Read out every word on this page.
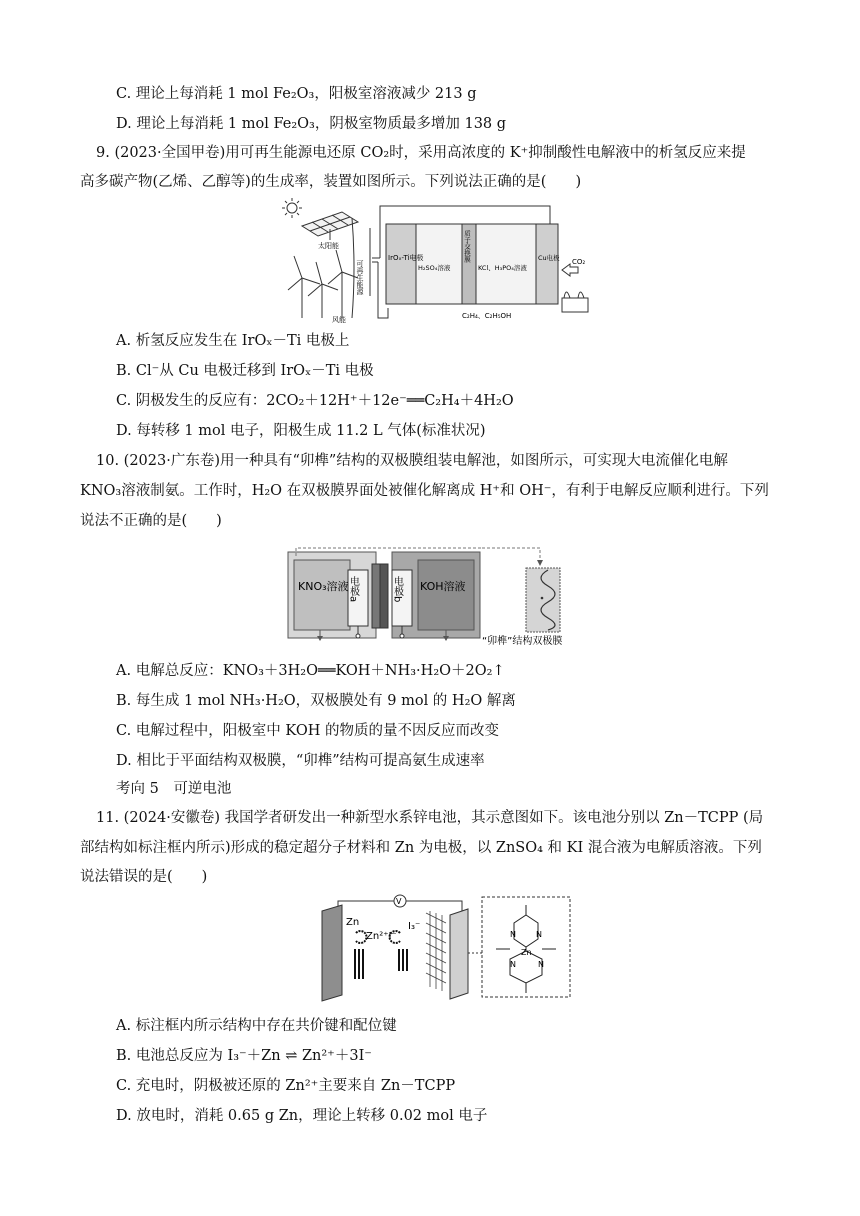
C. 理论上每消耗 1 mol Fe₂O₃，阳极室溶液减少 213 g
D. 理论上每消耗 1 mol Fe₂O₃，阴极室物质最多增加 138 g
9. (2023·全国甲卷)用可再生能源电还原 CO₂时，采用高浓度的 K⁺抑制酸性电解液中的析氢反应来提
高多碳产物(乙烯、乙醇等)的生成率，装置如图所示。下列说法正确的是(　　)
太阳能
风能
可再生能源
IrOₓ-Ti电极
H₂SO₄溶液
质子交换膜
KCl、H₃PO₄溶液
Cu电极 CO₂
C₂H₄、C₂H₅OH
A. 析氢反应发生在 IrOₓ－Ti 电极上
B. Cl⁻从 Cu 电极迁移到 IrOₓ－Ti 电极
C. 阴极发生的反应有：2CO₂＋12H⁺＋12e⁻══C₂H₄＋4H₂O
D. 每转移 1 mol 电子，阳极生成 11.2 L 气体(标准状况)
10. (2023·广东卷)用一种具有“卯榫”结构的双极膜组装电解池，如图所示，可实现大电流催化电解
KNO₃溶液制氨。工作时，H₂O 在双极膜界面处被催化解离成 H⁺和 OH⁻，有利于电解反应顺利进行。下列
说法不正确的是(　　)
KNO₃溶液
电极a	电极b KOH溶液
“卯榫”结构双极膜
A. 电解总反应：KNO₃＋3H₂O══KOH＋NH₃·H₂O＋2O₂↑
B. 每生成 1 mol NH₃·H₂O，双极膜处有 9 mol 的 H₂O 解离
C. 电解过程中，阳极室中 KOH 的物质的量不因反应而改变
D. 相比于平面结构双极膜，“卯榫”结构可提高氨生成速率
考向 5　可逆电池
11. (2024·安徽卷) 我国学者研发出一种新型水系锌电池，其示意图如下。该电池分别以 Zn－TCPP (局
部结构如标注框内所示)形成的稳定超分子材料和 Zn 为电极，以 ZnSO₄ 和 KI 混合液为电解质溶液。下列
说法错误的是(　　)
V
Zn
Zn²⁺I⁻
I₃⁻
N	N
N	N
Zn
A. 标注框内所示结构中存在共价键和配位键
B. 电池总反应为 I₃⁻＋Zn ⇌ Zn²⁺＋3I⁻
C. 充电时，阴极被还原的 Zn²⁺主要来自 Zn－TCPP
D. 放电时，消耗 0.65 g Zn，理论上转移 0.02 mol 电子
